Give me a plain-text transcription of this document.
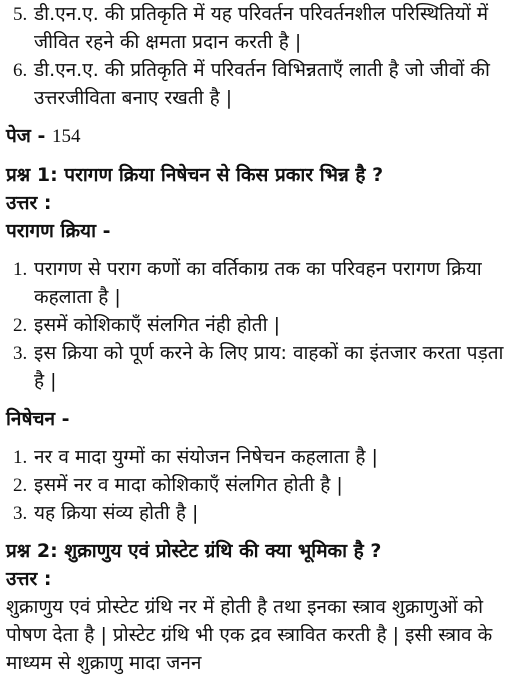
5. डी.एन.ए. की प्रतिकृति में यह परिवर्तन परिवर्तनशील परिस्थितियों में जीवित रहने की क्षमता प्रदान करती है |
6. डी.एन.ए. की प्रतिकृति में परिवर्तन विभिन्नताएँ लाती है जो जीवों की उत्तरजीविता बनाए रखती है |

पेज - 154

प्रश्न 1: परागण क्रिया निषेचन से किस प्रकार भिन्न है ?

उत्तर :

परागण क्रिया -

1. परागण से पराग कणों का वर्तिकाग्र तक का परिवहन परागण क्रिया कहलाता है |
2. इसमें कोशिकाएँ संलगित नंही होती |
3. इस क्रिया को पूर्ण करने के लिए प्राय: वाहकों का इंतजार करता पड़ता है |

निषेचन -

1. नर व मादा युग्मों का संयोजन निषेचन कहलाता है |
2. इसमें नर व मादा कोशिकाएँ संलगित होती है |
3. यह क्रिया संव्य होती है |

प्रश्न 2: शुक्राणुय एवं प्रोस्टेट ग्रंथि की क्या भूमिका है ?

उत्तर :

शुक्राणुय एवं प्रोस्टेट ग्रंथि नर में होती है तथा इनका स्त्राव शुक्राणुओं को पोषण देता है | प्रोस्टेट ग्रंथि भी एक द्रव स्त्रावित करती है | इसी स्त्राव के माध्यम से शुक्राणु मादा जनन
